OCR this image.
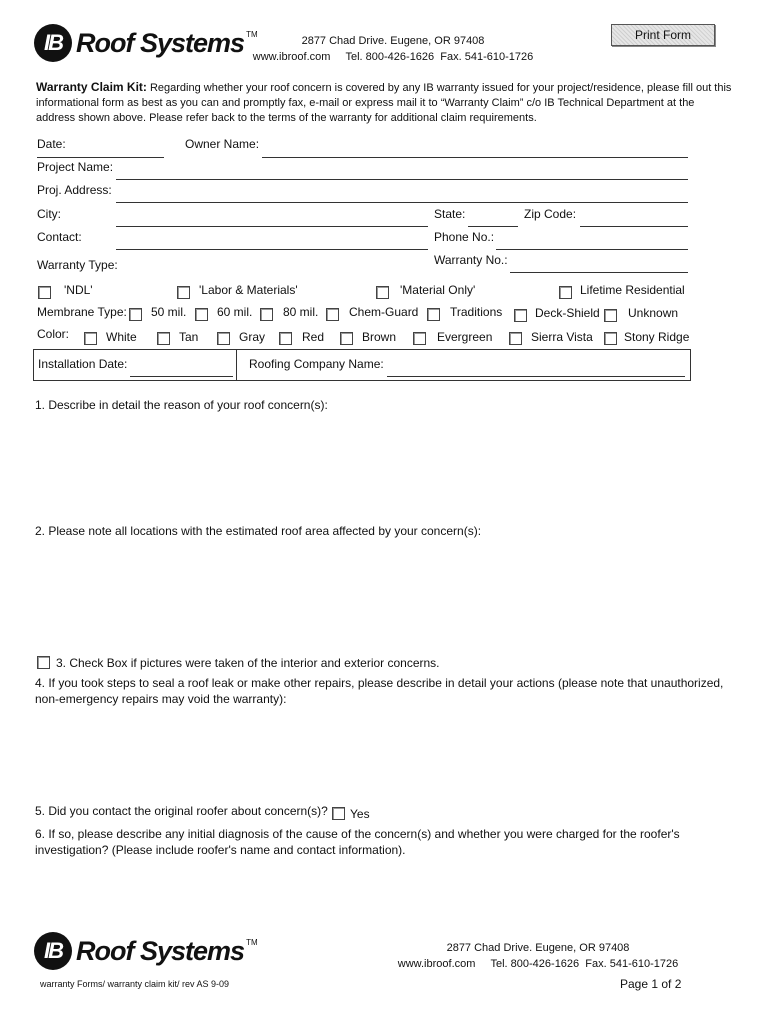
IB Roof Systems TM
2877 Chad Drive. Eugene, OR 97408
www.ibroof.com     Tel. 800-426-1626  Fax. 541-610-1726
Print Form
Warranty Claim Kit: Regarding whether your roof concern is covered by any IB warranty issued for your project/residence, please fill out this informational form as best as you can and promptly fax, e-mail or express mail it to “Warranty Claim” c/o IB Technical Department at the address shown above. Please refer back to the terms of the warranty for additional claim requirements.
Date:	Owner Name:
Project Name:
Proj. Address:
City:	State:	Zip Code:
Contact:	Phone No.:
Warranty Type:	Warranty No.:
'NDL'	'Labor & Materials'	'Material Only'	Lifetime Residential
Membrane Type: 50 mil.	60 mil.	80 mil.	Chem-Guard	Traditions	Deck-Shield Unknown
Color:	White	Tan	Gray	Red	Brown	Evergreen	Sierra Vista	Stony Ridge
Installation Date:	Roofing Company Name:
1. Describe in detail the reason of your roof concern(s):
2. Please note all locations with the estimated roof area affected by your concern(s):
3. Check Box if pictures were taken of the interior and exterior concerns.
4. If you took steps to seal a roof leak or make other repairs, please describe in detail your actions (please note that unauthorized, non-emergency repairs may void the warranty):
5. Did you contact the original roofer about concern(s)? Yes
6. If so, please describe any initial diagnosis of the cause of the concern(s) and whether you were charged for the roofer's investigation? (Please include roofer's name and contact information).
IB Roof Systems TM
warranty Forms/ warranty claim kit/ rev AS 9-09
2877 Chad Drive. Eugene, OR 97408
www.ibroof.com     Tel. 800-426-1626  Fax. 541-610-1726
Page 1 of 2
